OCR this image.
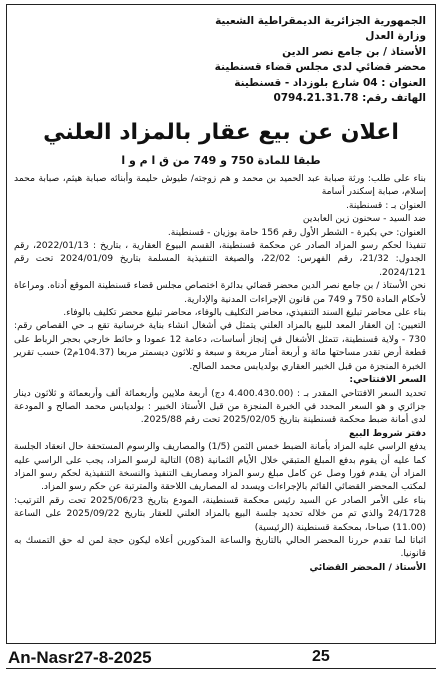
الجمهورية الجزائرية الديمقراطية الشعبية
وزارة العدل
الأستاذ / بن جامع نصر الدين
محضر قضائي لدى مجلس قضاء قسنطينة
العنوان : 04 شارع بلوزداد - قسنطينة
الهاتف رقم: 0794.21.31.78
اعلان عن بيع عقار بالمزاد العلني
طبقا للمادة 750 و 749 من ق ا م و ا

بناء على طلب: ورثة صبابة عبد الحميد بن محمد و هم زوجته/ طيوش حليمة وأبنائه صبابة هيثم، صبابة محمد إسلام، صبابة إسكندر أسامة

العنوان بـ : قسنطينة.

ضد السيد - سحنون زين العابدين

العنوان: حي بكيرة - الشطر الأول رقم 156 حامة بوزيان - قسنطينة.

تنفيذا لحكم رسو المزاد الصادر عن محكمة قسنطينة، القسم البيوع العقارية ، بتاريخ : 2022/01/13، رقم الجدول: 21/32، رقم الفهرس: 22/02، والصيغة التنفيذية المسلمة بتاريخ 2024/01/09 تحت رقم 2024/121.

نحن الأستاذ / بن جامع نصر الدين محضر قضائي بدائرة اختصاص مجلس قضاء قسنطينة الموقع أدناه. ومراعاة لأحكام المادة 750 و 749 من قانون الإجراءات المدنية والإدارية.

بناء على محاضر تبليغ السند التنفيذي، محاضر التكليف بالوفاء، محاضر تبليغ محضر تكليف بالوفاء.

التعيين: إن العقار المعد للبيع بالمزاد العلني يتمثل في أشغال انشاء بناية خرسانية تقع بـ حي القصاص رقم: 730 - ولاية قسنطينة، تتمثل الأشغال في إنجاز أساسات، دعامة 12 عمودا و حائط خارجي بحجر الرباط على قطعة أرض تقدر مساحتها مائة و أربعة أمتار مربعة و سبعة و ثلاثون ديسمتر مربعا (104.37م2) حسب تقرير الخبرة المنجزة من قبل الخبير العقاري بولديابس محمد الصالح.

السعر الافتتاحي:

تحديد السعر الافتتاحي المقدر بـ : (4.400.430.00 دج) أربعة ملايين وأربعمائة ألف وأربعمائة و ثلاثون دينار جزائري و هو السعر المحدد في الخبرة المنجزة من قبل الأستاذ الخبير : بولديابس محمد الصالح و المودعة لدى أمانة ضبط محكمة قسنطينة بتاريخ 2025/02/05 تحت رقم 2025/88.

دفتر شروط البيع

يدفع الراسي عليه المزاد بأمانة الضبط خمس الثمن (1/5) والمصاريف والرسوم المستحقة حال انعقاد الجلسة كما عليه أن يقوم بدفع المبلغ المتبقي خلال الأيام الثمانية (08) التالية لرسو المزاد، يجب على الراسي عليه المزاد أن يقدم فورا وصل عن كامل مبلغ رسو المزاد ومصاريف التنفيذ والنسخة التنفيذية لحكم رسو المزاد لمكتب المحضر القضائي القائم بالإجراءات ويسدد له المصاريف اللاحقة والمترتبة عن حكم رسو المزاد.

بناء على الأمر الصادر عن السيد رئيس محكمة قسنطينة، المودع بتاريخ 2025/06/23 تحت رقم الترتيب: 24/1728 والذي تم من خلاله تحديد جلسة البيع بالمزاد العلني للعقار بتاريخ 2025/09/22 على الساعة (11.00) صباحا، بمحكمة قسنطينة (الرئيسية)

اثباتا لما تقدم حررنا المحضر الحالي بالتاريخ والساعة المذكورين أعلاه ليكون حجة لمن له حق التمسك به قانونيا.

الأستاذ / المحضر القضائي

An-Nasr27-8-2025	25
